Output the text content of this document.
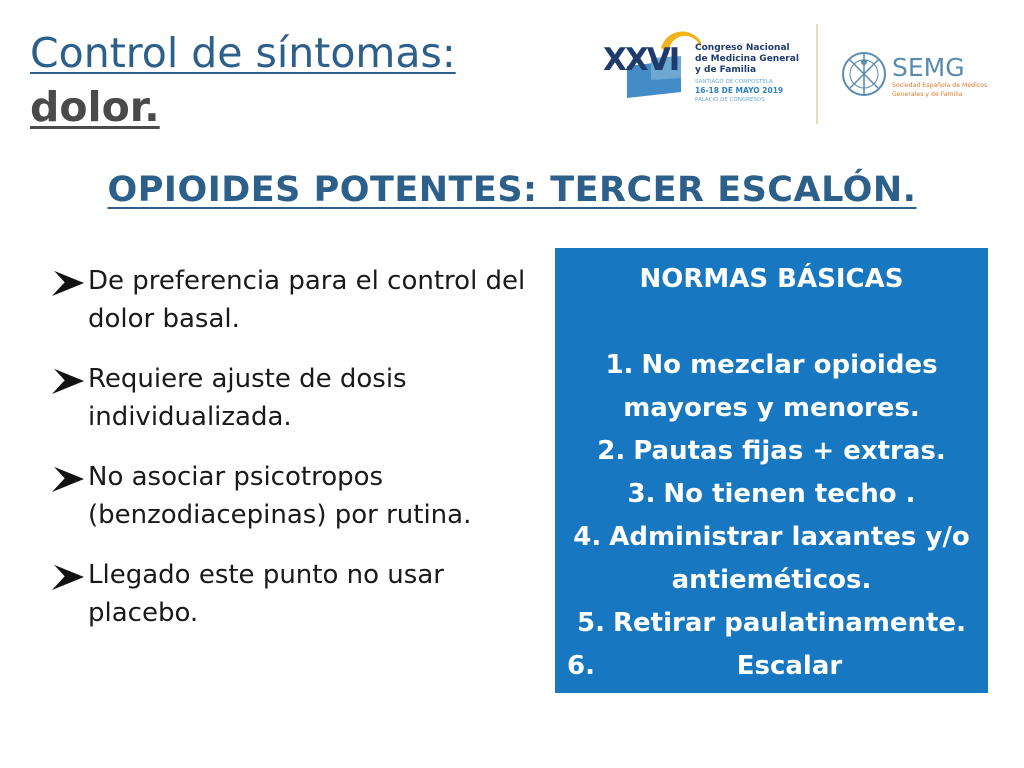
Control de síntomas:
dolor.
XXVI Congreso Nacional
de Medicina General
y de Familia
SANTIAGO DE COMPOSTELA
16-18 DE MAYO 2019
PALACIO DE CONGRESOS
SEMG
Sociedad Española de Médicos
Generales y de Familia
OPIOIDES POTENTES: TERCER ESCALÓN.
De preferencia para el control del dolor basal.
Requiere ajuste de dosis individualizada.
No asociar psicotropos (benzodiacepinas) por rutina.
Llegado este punto no usar placebo.
NORMAS BÁSICAS
1. No mezclar opioides mayores y menores.
2. Pautas fijas + extras.
3. No tienen techo .
4. Administrar laxantes y/o antieméticos.
5. Retirar paulatinamente.
6.	Escalar progresivamente.
